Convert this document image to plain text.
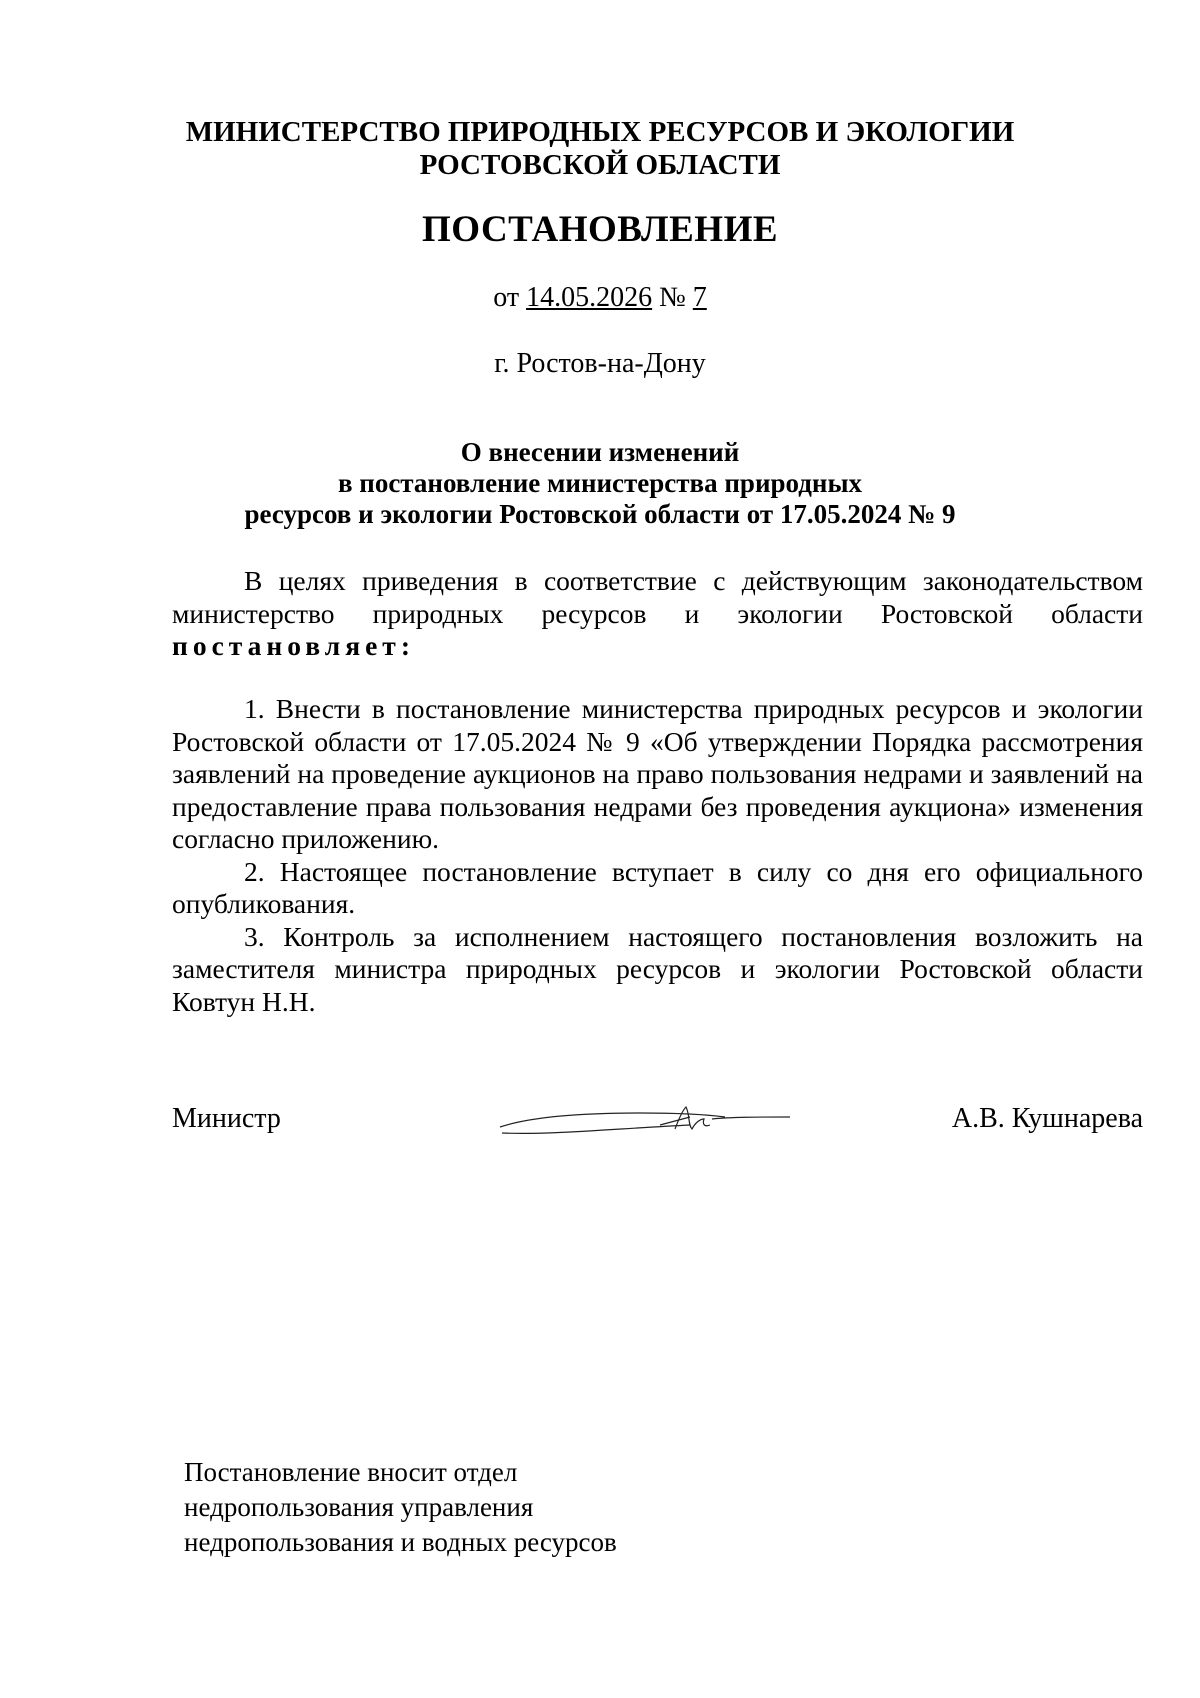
МИНИСТЕРСТВО ПРИРОДНЫХ РЕСУРСОВ И ЭКОЛОГИИ
РОСТОВСКОЙ ОБЛАСТИ
ПОСТАНОВЛЕНИЕ
от 14.05.2026 № 7
г. Ростов-на-Дону
О внесении изменений
в постановление министерства природных
ресурсов и экологии Ростовской области от 17.05.2024 № 9

В целях приведения в соответствие с действующим законодательством министерство природных ресурсов и экологии Ростовской области постановляет:

1. Внести в постановление министерства природных ресурсов и экологии Ростовской области от 17.05.2024 № 9 «Об утверждении Порядка рассмотрения заявлений на проведение аукционов на право пользования недрами и заявлений на предоставление права пользования недрами без проведения аукциона» изменения согласно приложению.

2. Настоящее постановление вступает в силу со дня его официального опубликования.

3. Контроль за исполнением настоящего постановления возложить на заместителя министра природных ресурсов и экологии Ростовской области Ковтун Н.Н.

Министр	А.В. Кушнарева
Постановление вносит отдел
недропользования управления
недропользования и водных ресурсов
